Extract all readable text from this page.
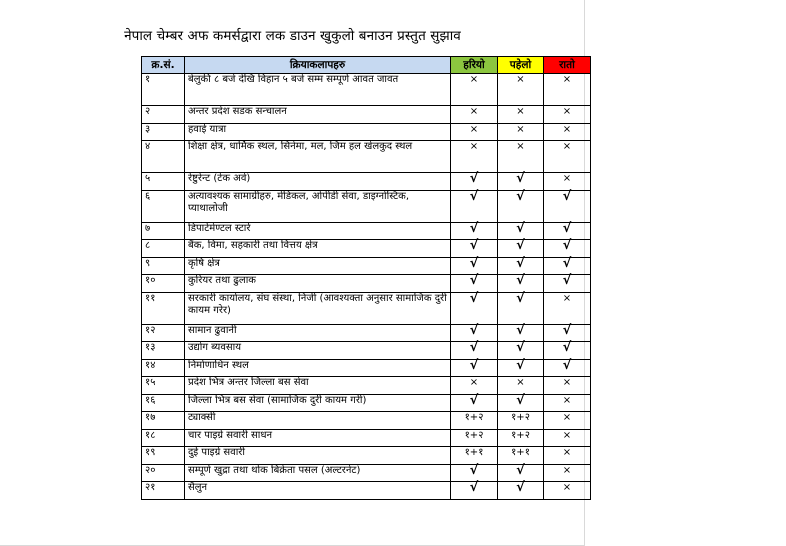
नेपाल चेम्बर अफ कमर्सद्वारा लक डाउन खुकुलो बनाउन प्रस्तुत सुझाव
क्र.सं.	क्रियाकलापहरु	हरियो	पहेलो	रातो
१	बेलुकी ८ बजे देखि विहान ५ बजे सम्म सम्पूर्ण आवत जावत	×	×	×
२	अन्तर प्रदेश सडक सन्चालन	×	×	×
३	हवाई यात्रा	×	×	×
४	शिक्षा क्षेत्र, धार्मिक स्थल, सिनेमा, मल, जिम हल खेलकुद स्थल	×	×	×
५	रेष्टुरेन्ट (टेक अवे)	√	√	×
६	अत्यावश्यक सामाग्रीहरु, मेडिकल, ओपीडी सेवा, डाइग्नोस्टिक, प्याथालोजी	√	√	√
७	डिपार्टमेण्टल स्टार्र	√	√	√
८	बैंक, विमा, सहकारी तथा वित्तय क्षेत्र	√	√	√
९	कृषि क्षेत्र	√	√	√
१०	कुरियर तथा ढुलाक	√	√	√
११	सरकारी कार्यालय, संघ संस्था, निजी (आवश्यक्ता अनुसार सामाजिक दुरी कायम गरेर)	√	√	×
१२	सामान ढुवानी	√	√	√
१३	उद्योग ब्यवसाय	√	√	√
१४	निर्माणाधिन स्थल	√	√	√
१५	प्रदेश भित्र अन्तर जिल्ला बस सेवा	×	×	×
१६	जिल्ला भित्र बस सेवा (सामाजिक दुरी कायम गरी)	√	√	×
१७	ट्याक्सी	१+२	१+२	×
१८	चार पाइग्रे सवारी साधन	१+२	१+२	×
१९	दुई पाइग्रे सवारी	१+१	१+१	×
२०	सम्पूर्ण खुद्रा तथा थोक बिक्रेता पसल (अल्टरनेट)	√	√	×
२१	सैलुन	√	√	×
